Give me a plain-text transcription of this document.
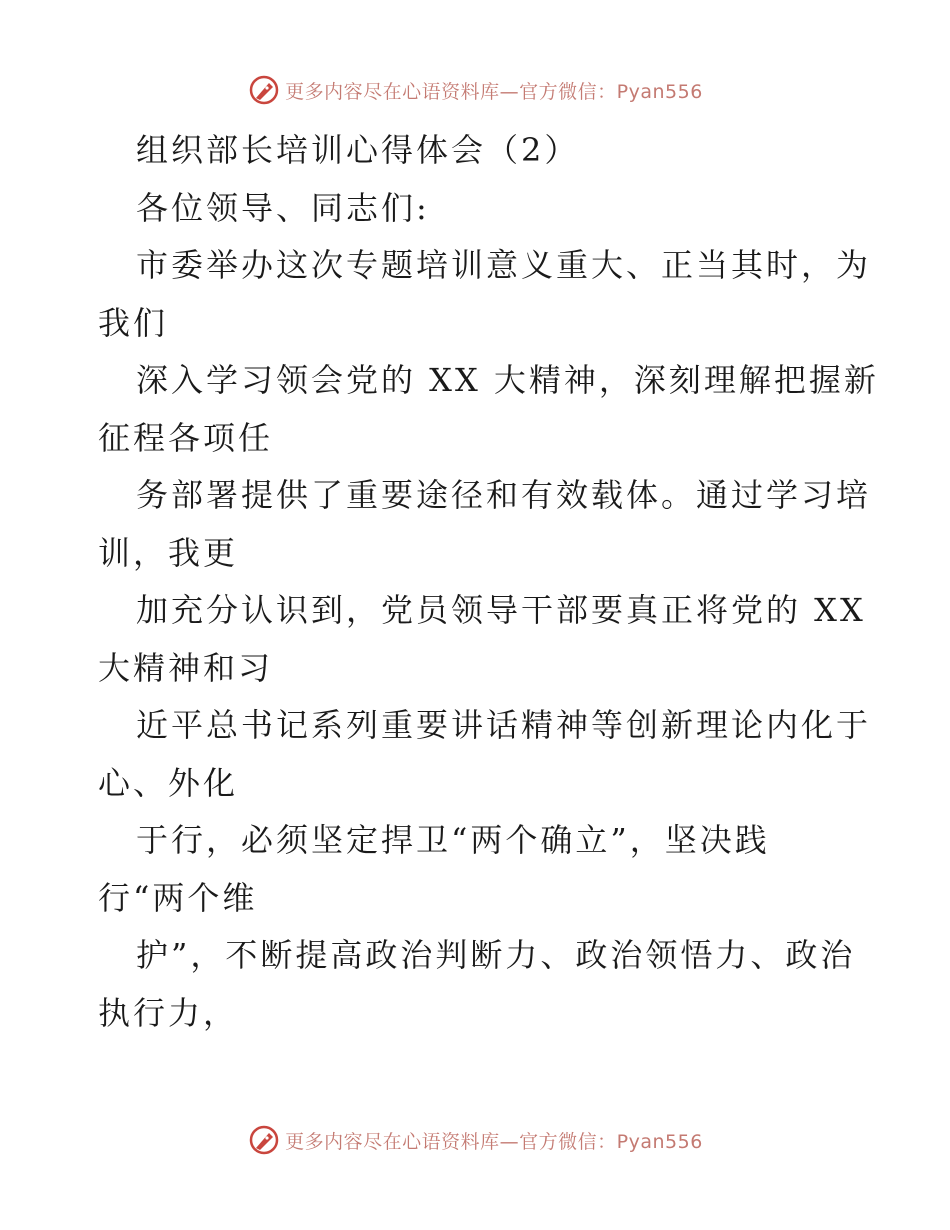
更多内容尽在心语资料库—官方微信：Pyan556
组织部长培训心得体会（2）
各位领导、同志们:
市委举办这次专题培训意义重大、正当其时，为
我们
深入学习领会党的 XX 大精神，深刻理解把握新
征程各项任
务部署提供了重要途径和有效载体。通过学习培
训，我更
加充分认识到，党员领导干部要真正将党的 XX
大精神和习
近平总书记系列重要讲话精神等创新理论内化于
心、外化
于行，必须坚定捍卫“两个确立”，坚决践
行“两个维
护”，不断提高政治判断力、政治领悟力、政治
执行力，
更多内容尽在心语资料库—官方微信：Pyan556
